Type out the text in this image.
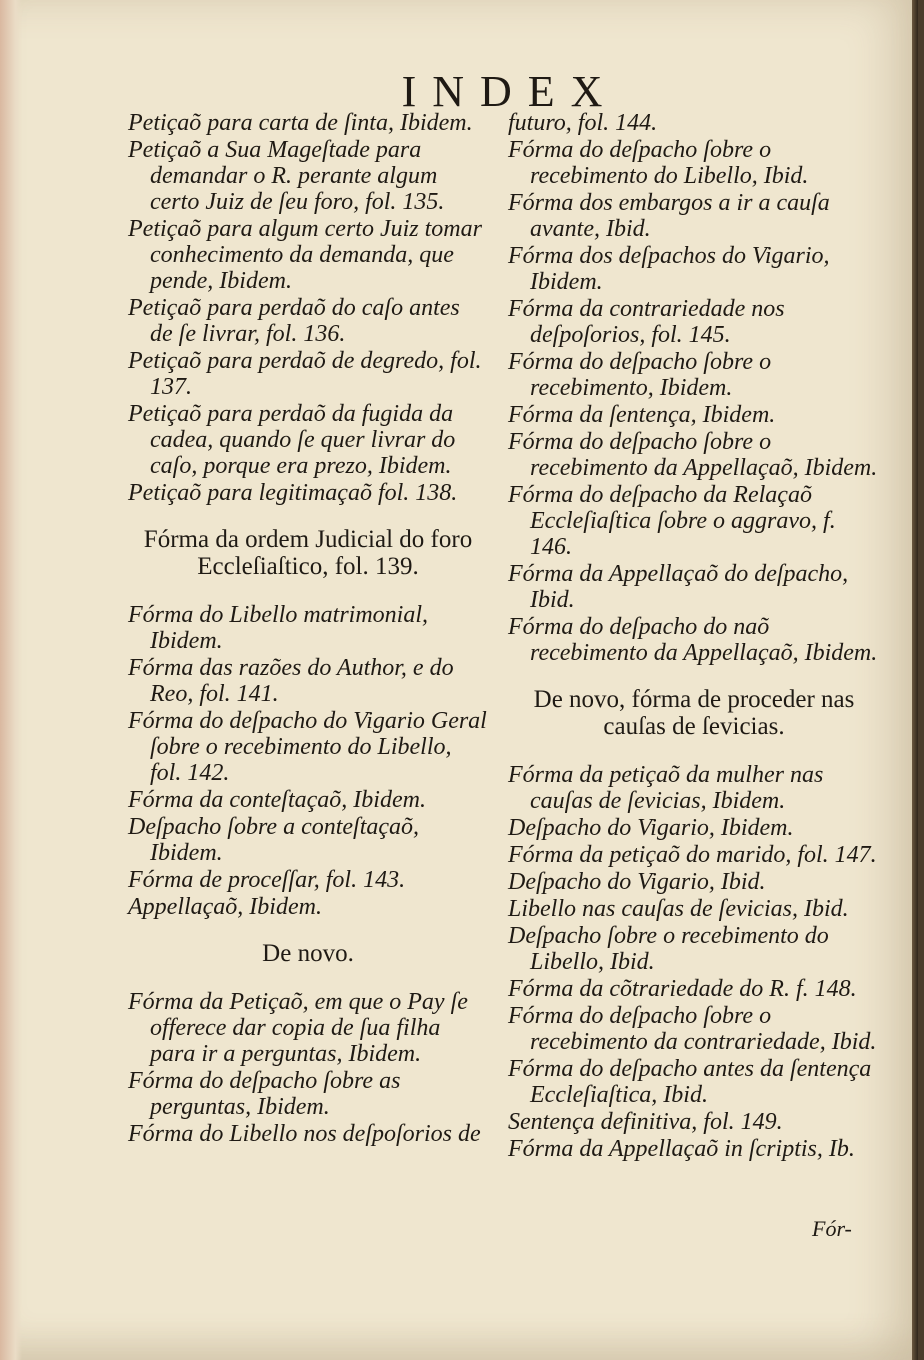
INDEX
Petiçaõ para carta de ſinta, Ibidem.
Petiçaõ a Sua Mageſtade para demandar o R. perante algum certo Juiz de ſeu foro, fol. 135.
Petiçaõ para algum certo Juiz tomar conhecimento da demanda, que pende, Ibidem.
Petiçaõ para perdaõ do caſo antes de ſe livrar, fol. 136.
Petiçaõ para perdaõ de degredo, fol. 137.
Petiçaõ para perdaõ da fugida da cadea, quando ſe quer livrar do caſo, porque era prezo, Ibidem.
Petiçaõ para legitimaçaõ fol. 138.
Fórma da ordem Judicial do foro Eccleſiaſtico, fol. 139.
Fórma do Libello matrimonial, Ibidem.
Fórma das razões do Author, e do Reo, fol. 141.
Fórma do deſpacho do Vigario Geral ſobre o recebimento do Libello, fol. 142.
Fórma da conteſtaçaõ, Ibidem.
Deſpacho ſobre a conteſtaçaõ, Ibidem.
Fórma de proceſſar, fol. 143.
Appellaçaõ, Ibidem.
De novo.
Fórma da Petiçaõ, em que o Pay ſe offerece dar copia de ſua filha para ir a perguntas, Ibidem.
Fórma do deſpacho ſobre as perguntas, Ibidem.
Fórma do Libello nos deſpoſorios de
futuro, fol. 144.
Fórma do deſpacho ſobre o recebimento do Libello, Ibid.
Fórma dos embargos a ir a cauſa avante, Ibid.
Fórma dos deſpachos do Vigario, Ibidem.
Fórma da contrariedade nos deſpoſorios, fol. 145.
Fórma do deſpacho ſobre o recebimento, Ibidem.
Fórma da ſentença, Ibidem.
Fórma do deſpacho ſobre o recebimento da Appellaçaõ, Ibidem.
Fórma do deſpacho da Relaçaõ Eccleſiaſtica ſobre o aggravo, f. 146.
Fórma da Appellaçaõ do deſpacho, Ibid.
Fórma do deſpacho do naõ recebimento da Appellaçaõ, Ibidem.
De novo, fórma de proceder nas cauſas de ſevicias.
Fórma da petiçaõ da mulher nas cauſas de ſevicias, Ibidem.
Deſpacho do Vigario, Ibidem.
Fórma da petiçaõ do marido, fol. 147.
Deſpacho do Vigario, Ibid.
Libello nas cauſas de ſevicias, Ibid.
Deſpacho ſobre o recebimento do Libello, Ibid.
Fórma da cõtrariedade do R. f. 148.
Fórma do deſpacho ſobre o recebimento da contrariedade, Ibid.
Fórma do deſpacho antes da ſentença Eccleſiaſtica, Ibid.
Sentença definitiva, fol. 149.
Fórma da Appellaçaõ in ſcriptis, Ib.
Fór-
